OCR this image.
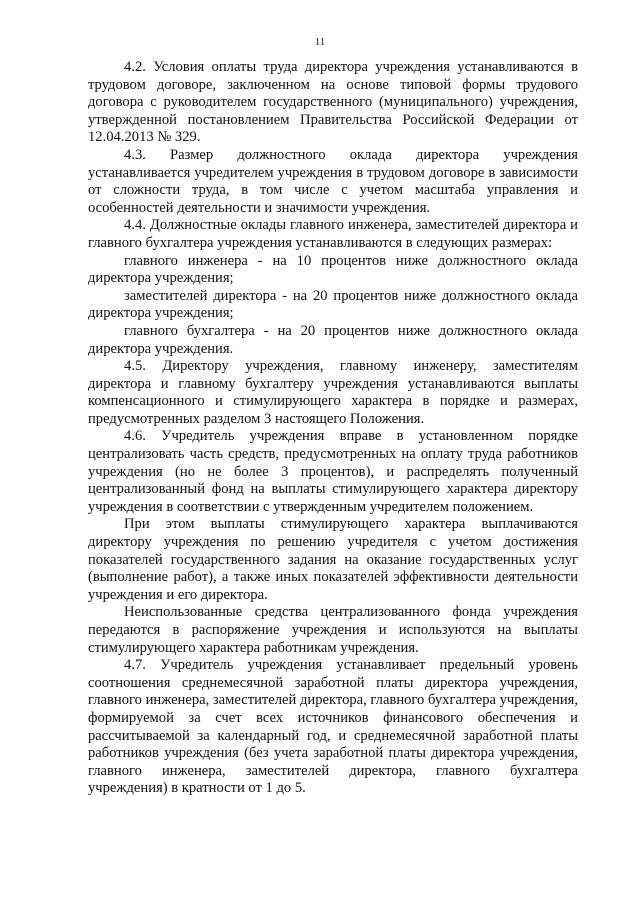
11

4.2. Условия оплаты труда директора учреждения устанавливаются в трудовом договоре, заключенном на основе типовой формы трудового договора с руководителем государственного (муниципального) учреждения, утвержденной постановлением Правительства Российской Федерации от 12.04.2013 № 329.

4.3. Размер должностного оклада директора учреждения устанавливается учредителем учреждения в трудовом договоре в зависимости от сложности труда, в том числе с учетом масштаба управления и особенностей деятельности и значимости учреждения.

4.4. Должностные оклады главного инженера, заместителей директора и главного бухгалтера учреждения устанавливаются в следующих размерах:

главного инженера - на 10 процентов ниже должностного оклада директора учреждения;

заместителей директора - на 20 процентов ниже должностного оклада директора учреждения;

главного бухгалтера - на 20 процентов ниже должностного оклада директора учреждения.

4.5. Директору учреждения, главному инженеру, заместителям директора и главному бухгалтеру учреждения устанавливаются выплаты компенсационного и стимулирующего характера в порядке и размерах, предусмотренных разделом 3 настоящего Положения.

4.6. Учредитель учреждения вправе в установленном порядке централизовать часть средств, предусмотренных на оплату труда работников учреждения (но не более 3 процентов), и распределять полученный централизованный фонд на выплаты стимулирующего характера директору учреждения в соответствии с утвержденным учредителем положением.

При этом выплаты стимулирующего характера выплачиваются директору учреждения по решению учредителя с учетом достижения показателей государственного задания на оказание государственных услуг (выполнение работ), а также иных показателей эффективности деятельности учреждения и его директора.

Неиспользованные средства централизованного фонда учреждения передаются в распоряжение учреждения и используются на выплаты стимулирующего характера работникам учреждения.

4.7. Учредитель учреждения устанавливает предельный уровень соотношения среднемесячной заработной платы директора учреждения, главного инженера, заместителей директора, главного бухгалтера учреждения, формируемой за счет всех источников финансового обеспечения и рассчитываемой за календарный год, и среднемесячной заработной платы работников учреждения (без учета заработной платы директора учреждения, главного инженера, заместителей директора, главного бухгалтера учреждения) в кратности от 1 до 5.
